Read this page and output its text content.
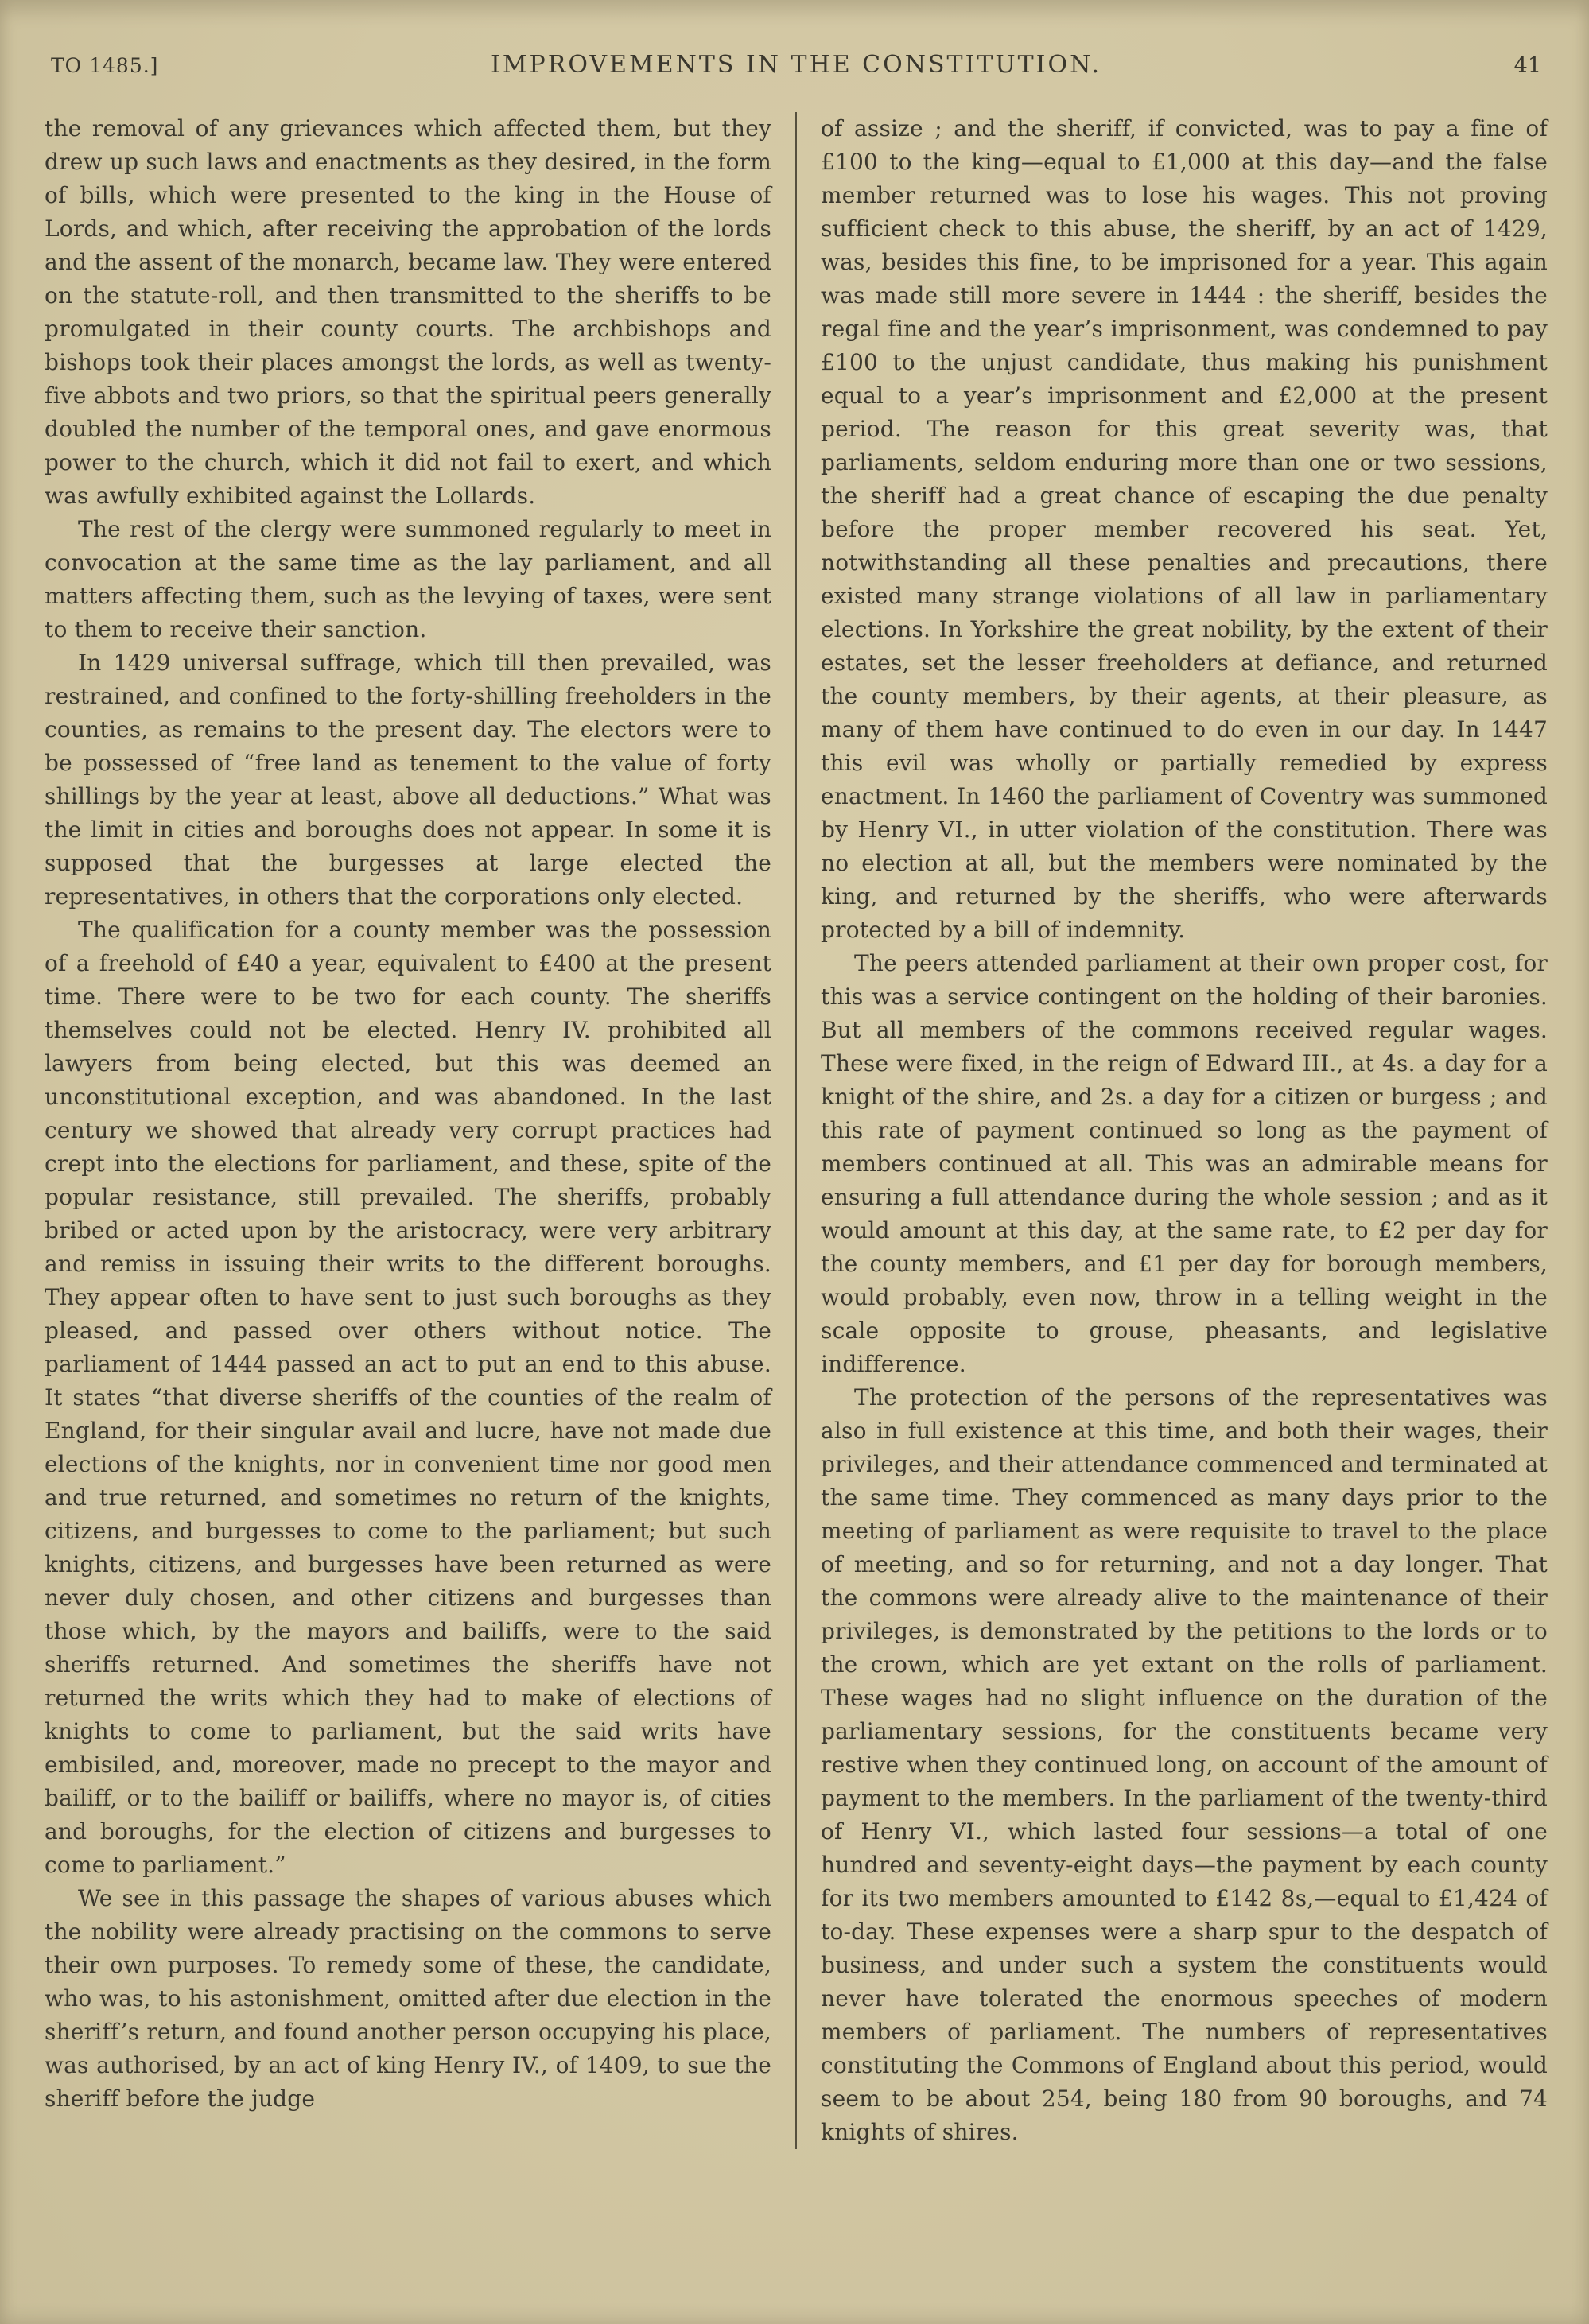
TO 1485.]	IMPROVEMENTS IN THE CONSTITUTION.	41

the removal of any grievances which affected them, but they drew up such laws and enactments as they desired, in the form of bills, which were presented to the king in the House of Lords, and which, after receiving the approbation of the lords and the assent of the monarch, became law. They were entered on the statute-roll, and then transmitted to the sheriffs to be promulgated in their county courts. The archbishops and bishops took their places amongst the lords, as well as twenty-five abbots and two priors, so that the spiritual peers generally doubled the number of the temporal ones, and gave enormous power to the church, which it did not fail to exert, and which was awfully exhibited against the Lollards.

The rest of the clergy were summoned regularly to meet in convocation at the same time as the lay parliament, and all matters affecting them, such as the levying of taxes, were sent to them to receive their sanction.

In 1429 universal suffrage, which till then prevailed, was restrained, and confined to the forty-shilling freeholders in the counties, as remains to the present day. The electors were to be possessed of “free land as tenement to the value of forty shillings by the year at least, above all deductions.” What was the limit in cities and boroughs does not appear. In some it is supposed that the burgesses at large elected the representatives, in others that the corporations only elected.

The qualification for a county member was the possession of a freehold of £40 a year, equivalent to £400 at the present time. There were to be two for each county. The sheriffs themselves could not be elected. Henry IV. prohibited all lawyers from being elected, but this was deemed an unconstitutional exception, and was abandoned. In the last century we showed that already very corrupt practices had crept into the elections for parliament, and these, spite of the popular resistance, still prevailed. The sheriffs, probably bribed or acted upon by the aristocracy, were very arbitrary and remiss in issuing their writs to the different boroughs. They appear often to have sent to just such boroughs as they pleased, and passed over others without notice. The parliament of 1444 passed an act to put an end to this abuse. It states “that diverse sheriffs of the counties of the realm of England, for their singular avail and lucre, have not made due elections of the knights, nor in convenient time nor good men and true returned, and sometimes no return of the knights, citizens, and burgesses to come to the parliament; but such knights, citizens, and burgesses have been returned as were never duly chosen, and other citizens and burgesses than those which, by the mayors and bailiffs, were to the said sheriffs returned. And sometimes the sheriffs have not returned the writs which they had to make of elections of knights to come to parliament, but the said writs have embisiled, and, moreover, made no precept to the mayor and bailiff, or to the bailiff or bailiffs, where no mayor is, of cities and boroughs, for the election of citizens and burgesses to come to parliament.”

We see in this passage the shapes of various abuses which the nobility were already practising on the commons to serve their own purposes. To remedy some of these, the candidate, who was, to his astonishment, omitted after due election in the sheriff’s return, and found another person occupying his place, was authorised, by an act of king Henry IV., of 1409, to sue the sheriff before the judge

of assize ; and the sheriff, if convicted, was to pay a fine of £100 to the king—equal to £1,000 at this day—and the false member returned was to lose his wages. This not proving sufficient check to this abuse, the sheriff, by an act of 1429, was, besides this fine, to be imprisoned for a year. This again was made still more severe in 1444 : the sheriff, besides the regal fine and the year’s imprisonment, was condemned to pay £100 to the unjust candidate, thus making his punishment equal to a year’s imprisonment and £2,000 at the present period. The reason for this great severity was, that parliaments, seldom enduring more than one or two sessions, the sheriff had a great chance of escaping the due penalty before the proper member recovered his seat. Yet, notwithstanding all these penalties and precautions, there existed many strange violations of all law in parliamentary elections. In Yorkshire the great nobility, by the extent of their estates, set the lesser freeholders at defiance, and returned the county members, by their agents, at their pleasure, as many of them have continued to do even in our day. In 1447 this evil was wholly or partially remedied by express enactment. In 1460 the parliament of Coventry was summoned by Henry VI., in utter violation of the constitution. There was no election at all, but the members were nominated by the king, and returned by the sheriffs, who were afterwards protected by a bill of indemnity.

The peers attended parliament at their own proper cost, for this was a service contingent on the holding of their baronies. But all members of the commons received regular wages. These were fixed, in the reign of Edward III., at 4s. a day for a knight of the shire, and 2s. a day for a citizen or burgess ; and this rate of payment continued so long as the payment of members continued at all. This was an admirable means for ensuring a full attendance during the whole session ; and as it would amount at this day, at the same rate, to £2 per day for the county members, and £1 per day for borough members, would probably, even now, throw in a telling weight in the scale opposite to grouse, pheasants, and legislative indifference.

The protection of the persons of the representatives was also in full existence at this time, and both their wages, their privileges, and their attendance commenced and terminated at the same time. They commenced as many days prior to the meeting of parliament as were requisite to travel to the place of meeting, and so for returning, and not a day longer. That the commons were already alive to the maintenance of their privileges, is demonstrated by the petitions to the lords or to the crown, which are yet extant on the rolls of parliament. These wages had no slight influence on the duration of the parliamentary sessions, for the constituents became very restive when they continued long, on account of the amount of payment to the members. In the parliament of the twenty-third of Henry VI., which lasted four sessions—a total of one hundred and seventy-eight days—the payment by each county for its two members amounted to £142 8s,—equal to £1,424 of to-day. These expenses were a sharp spur to the despatch of business, and under such a system the constituents would never have tolerated the enormous speeches of modern members of parliament. The numbers of representatives constituting the Commons of England about this period, would seem to be about 254, being 180 from 90 boroughs, and 74 knights of shires.
